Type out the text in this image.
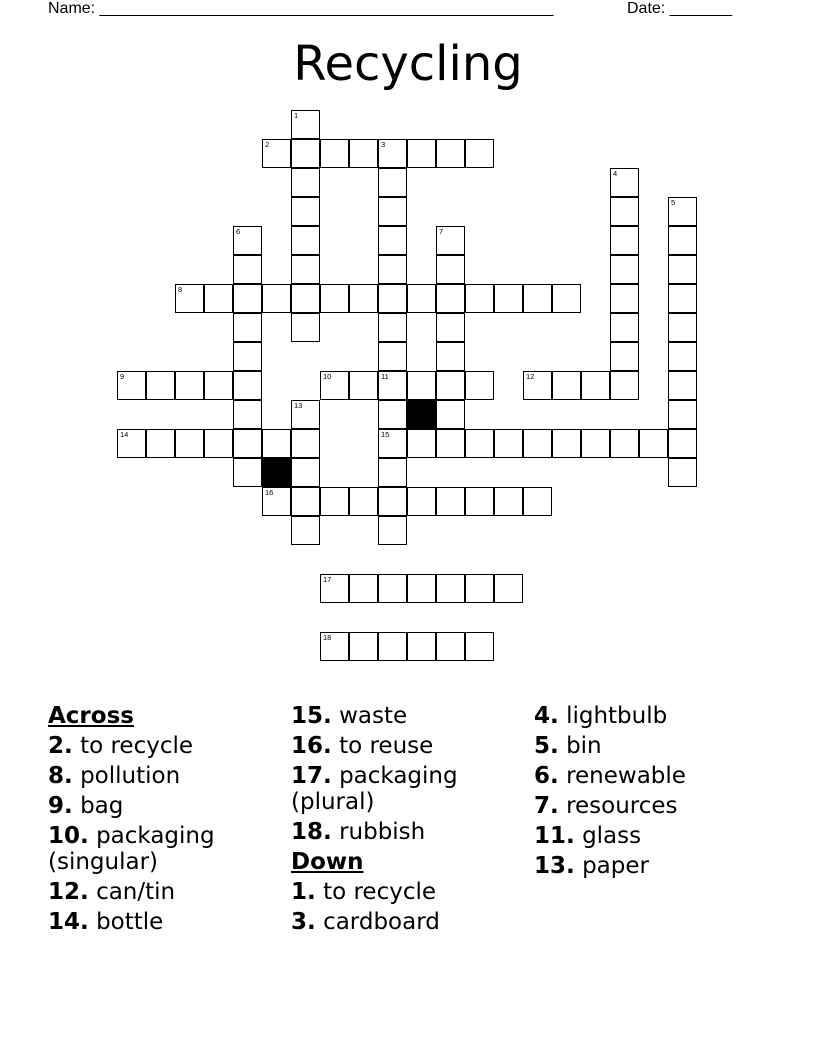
Name: ___________________________________________________	Date: _______
Recycling
2	3
8
9	10	11	12
14	15
16
17
18
1
4
5
6	7
13
Across
2. to recycle
8. pollution
9. bag
10. packaging (singular)
12. can/tin
14. bottle
15. waste
16. to reuse
17. packaging (plural)
18. rubbish
Down
1. to recycle
3. cardboard
4. lightbulb
5. bin
6. renewable
7. resources
11. glass
13. paper
